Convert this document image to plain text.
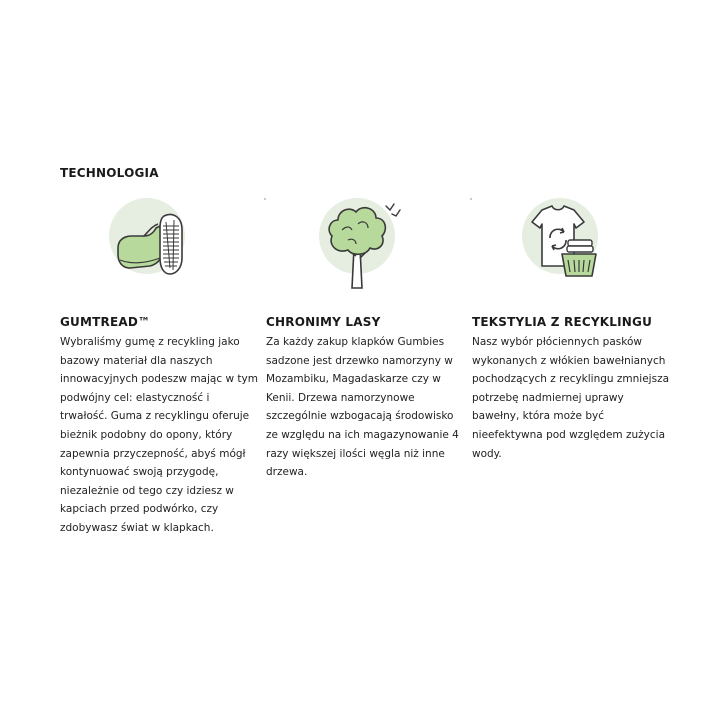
TECHNOLOGIA
GUMTREAD™
Wybraliśmy gumę z recykling jako bazowy materiał dla naszych innowacyjnych podeszw mając w tym podwójny cel: elastyczność i trwałość. Guma z recyklingu oferuje bieżnik podobny do opony, który zapewnia przyczepność, abyś mógł kontynuować swoją przygodę, niezależnie od tego czy idziesz w kapciach przed podwórko, czy zdobywasz świat w klapkach.
CHRONIMY LASY
Za każdy zakup klapków Gumbies sadzone jest drzewko namorzyny w Mozambiku, Magadaskarze czy w Kenii. Drzewa namorzynowe szczególnie wzbogacają środowisko ze względu na ich magazynowanie 4 razy większej ilości węgla niż inne drzewa.
TEKSTYLIA Z RECYKLINGU
Nasz wybór płóciennych pasków wykonanych z włókien bawełnianych pochodzących z recyklingu zmniejsza potrzebę nadmiernej uprawy bawełny, która może być nieefektywna pod względem zużycia wody.
